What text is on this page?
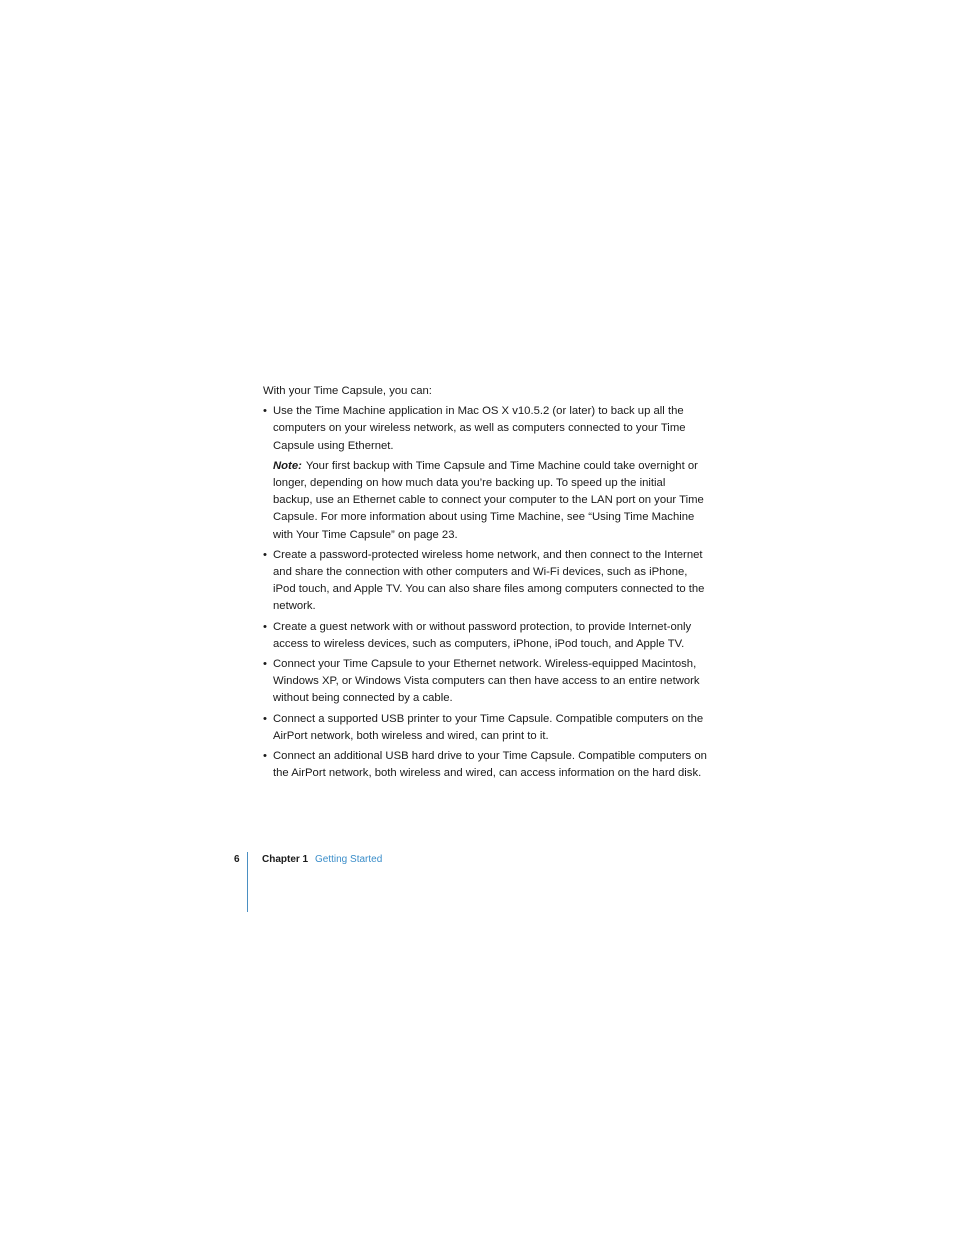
With your Time Capsule, you can:

• Use the Time Machine application in Mac OS X v10.5.2 (or later) to back up all the computers on your wireless network, as well as computers connected to your Time Capsule using Ethernet.

Note: Your first backup with Time Capsule and Time Machine could take overnight or longer, depending on how much data you’re backing up. To speed up the initial backup, use an Ethernet cable to connect your computer to the LAN port on your Time Capsule. For more information about using Time Machine, see “Using Time Machine with Your Time Capsule” on page 23.

• Create a password-protected wireless home network, and then connect to the Internet and share the connection with other computers and Wi-Fi devices, such as iPhone, iPod touch, and Apple TV. You can also share files among computers connected to the network.
• Create a guest network with or without password protection, to provide Internet-only access to wireless devices, such as computers, iPhone, iPod touch, and Apple TV.
• Connect your Time Capsule to your Ethernet network. Wireless-equipped Macintosh, Windows XP, or Windows Vista computers can then have access to an entire network without being connected by a cable.
• Connect a supported USB printer to your Time Capsule. Compatible computers on the AirPort network, both wireless and wired, can print to it.
• Connect an additional USB hard drive to your Time Capsule. Compatible computers on the AirPort network, both wireless and wired, can access information on the hard disk.
6 Chapter 1 Getting Started
